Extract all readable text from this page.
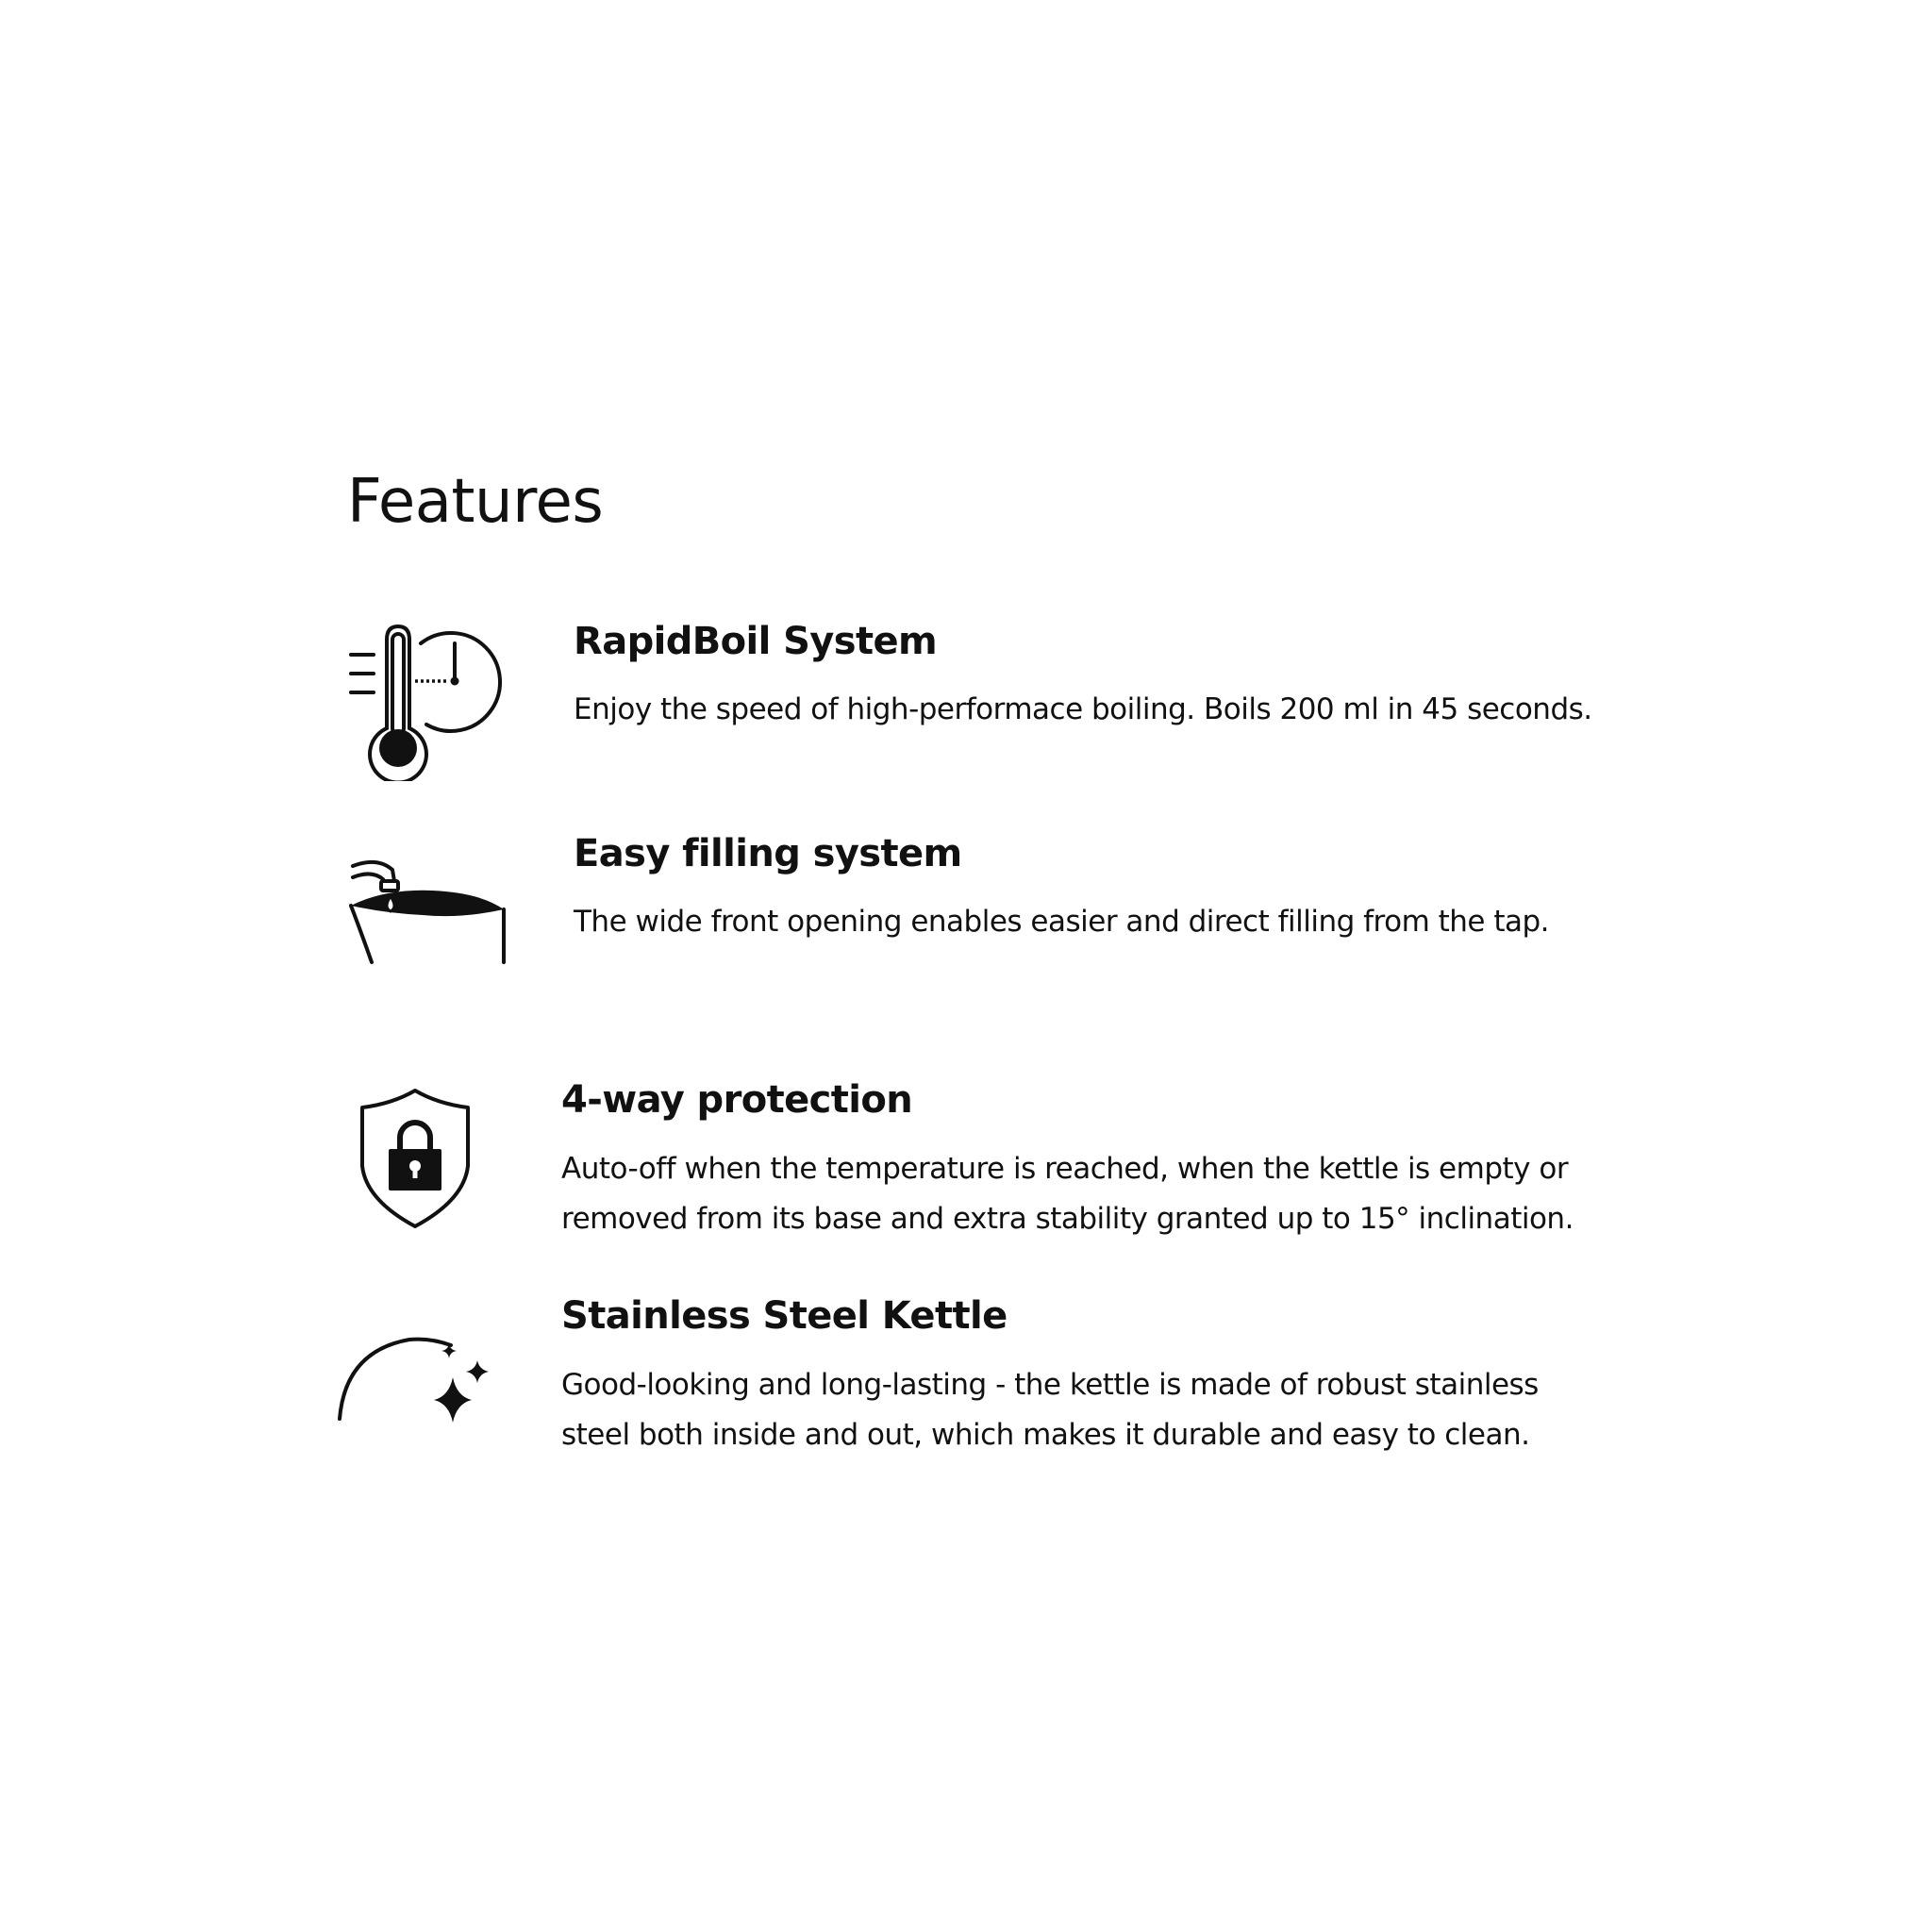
Features
RapidBoil System

Enjoy the speed of high-performace boiling. Boils 200 ml in 45 seconds.

Easy filling system

The wide front opening enables easier and direct filling from the tap.

4-way protection

Auto-off when the temperature is reached, when the kettle is empty or
removed from its base and extra stability granted up to 15° inclination.

Stainless Steel Kettle

Good-looking and long-lasting - the kettle is made of robust stainless
steel both inside and out, which makes it durable and easy to clean.
